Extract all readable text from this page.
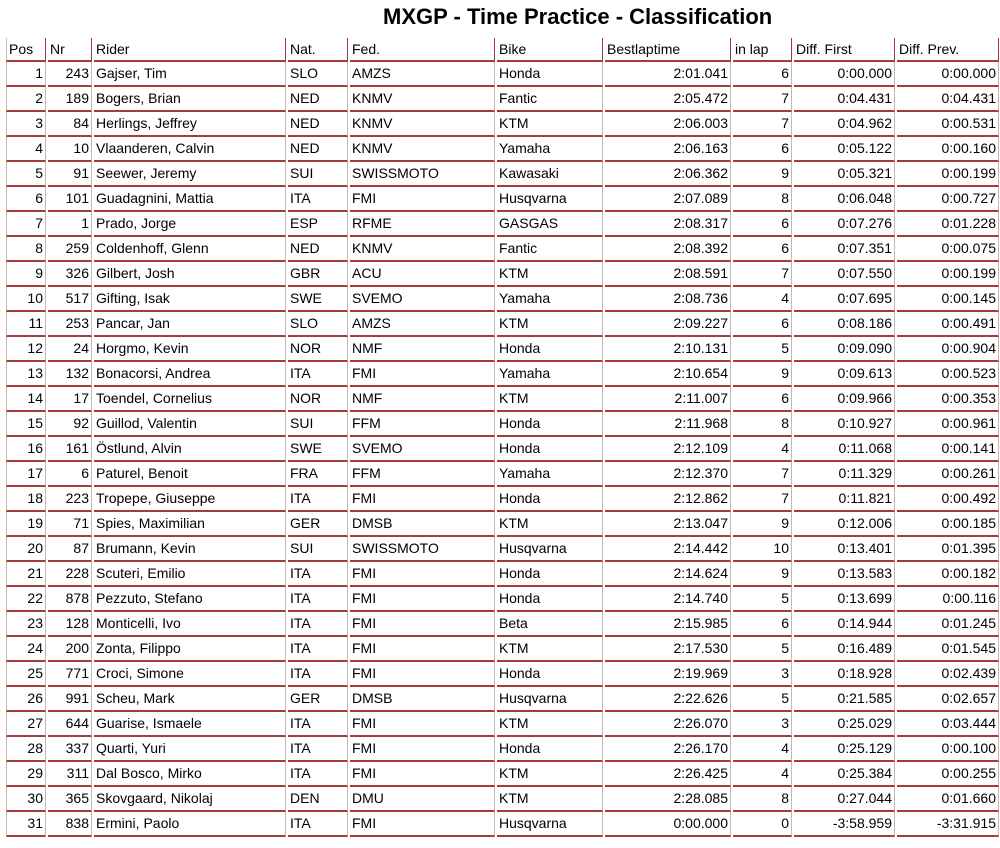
MXGP - Time Practice - Classification
Pos	Nr	Rider	Nat.	Fed.	Bike	Bestlaptime	in lap	Diff. First	Diff. Prev.
1	243	Gajser, Tim	SLO	AMZS	Honda	2:01.041	6	0:00.000	0:00.000
2	189	Bogers, Brian	NED	KNMV	Fantic	2:05.472	7	0:04.431	0:04.431
3	84	Herlings, Jeffrey	NED	KNMV	KTM	2:06.003	7	0:04.962	0:00.531
4	10	Vlaanderen, Calvin	NED	KNMV	Yamaha	2:06.163	6	0:05.122	0:00.160
5	91	Seewer, Jeremy	SUI	SWISSMOTO	Kawasaki	2:06.362	9	0:05.321	0:00.199
6	101	Guadagnini, Mattia	ITA	FMI	Husqvarna	2:07.089	8	0:06.048	0:00.727
7	1	Prado, Jorge	ESP	RFME	GASGAS	2:08.317	6	0:07.276	0:01.228
8	259	Coldenhoff, Glenn	NED	KNMV	Fantic	2:08.392	6	0:07.351	0:00.075
9	326	Gilbert, Josh	GBR	ACU	KTM	2:08.591	7	0:07.550	0:00.199
10	517	Gifting, Isak	SWE	SVEMO	Yamaha	2:08.736	4	0:07.695	0:00.145
11	253	Pancar, Jan	SLO	AMZS	KTM	2:09.227	6	0:08.186	0:00.491
12	24	Horgmo, Kevin	NOR	NMF	Honda	2:10.131	5	0:09.090	0:00.904
13	132	Bonacorsi, Andrea	ITA	FMI	Yamaha	2:10.654	9	0:09.613	0:00.523
14	17	Toendel, Cornelius	NOR	NMF	KTM	2:11.007	6	0:09.966	0:00.353
15	92	Guillod, Valentin	SUI	FFM	Honda	2:11.968	8	0:10.927	0:00.961
16	161	Östlund, Alvin	SWE	SVEMO	Honda	2:12.109	4	0:11.068	0:00.141
17	6	Paturel, Benoit	FRA	FFM	Yamaha	2:12.370	7	0:11.329	0:00.261
18	223	Tropepe, Giuseppe	ITA	FMI	Honda	2:12.862	7	0:11.821	0:00.492
19	71	Spies, Maximilian	GER	DMSB	KTM	2:13.047	9	0:12.006	0:00.185
20	87	Brumann, Kevin	SUI	SWISSMOTO	Husqvarna	2:14.442	10	0:13.401	0:01.395
21	228	Scuteri, Emilio	ITA	FMI	Honda	2:14.624	9	0:13.583	0:00.182
22	878	Pezzuto, Stefano	ITA	FMI	Honda	2:14.740	5	0:13.699	0:00.116
23	128	Monticelli, Ivo	ITA	FMI	Beta	2:15.985	6	0:14.944	0:01.245
24	200	Zonta, Filippo	ITA	FMI	KTM	2:17.530	5	0:16.489	0:01.545
25	771	Croci, Simone	ITA	FMI	Honda	2:19.969	3	0:18.928	0:02.439
26	991	Scheu, Mark	GER	DMSB	Husqvarna	2:22.626	5	0:21.585	0:02.657
27	644	Guarise, Ismaele	ITA	FMI	KTM	2:26.070	3	0:25.029	0:03.444
28	337	Quarti, Yuri	ITA	FMI	Honda	2:26.170	4	0:25.129	0:00.100
29	311	Dal Bosco, Mirko	ITA	FMI	KTM	2:26.425	4	0:25.384	0:00.255
30	365	Skovgaard, Nikolaj	DEN	DMU	KTM	2:28.085	8	0:27.044	0:01.660
31	838	Ermini, Paolo	ITA	FMI	Husqvarna	0:00.000	0	-3:58.959	-3:31.915
